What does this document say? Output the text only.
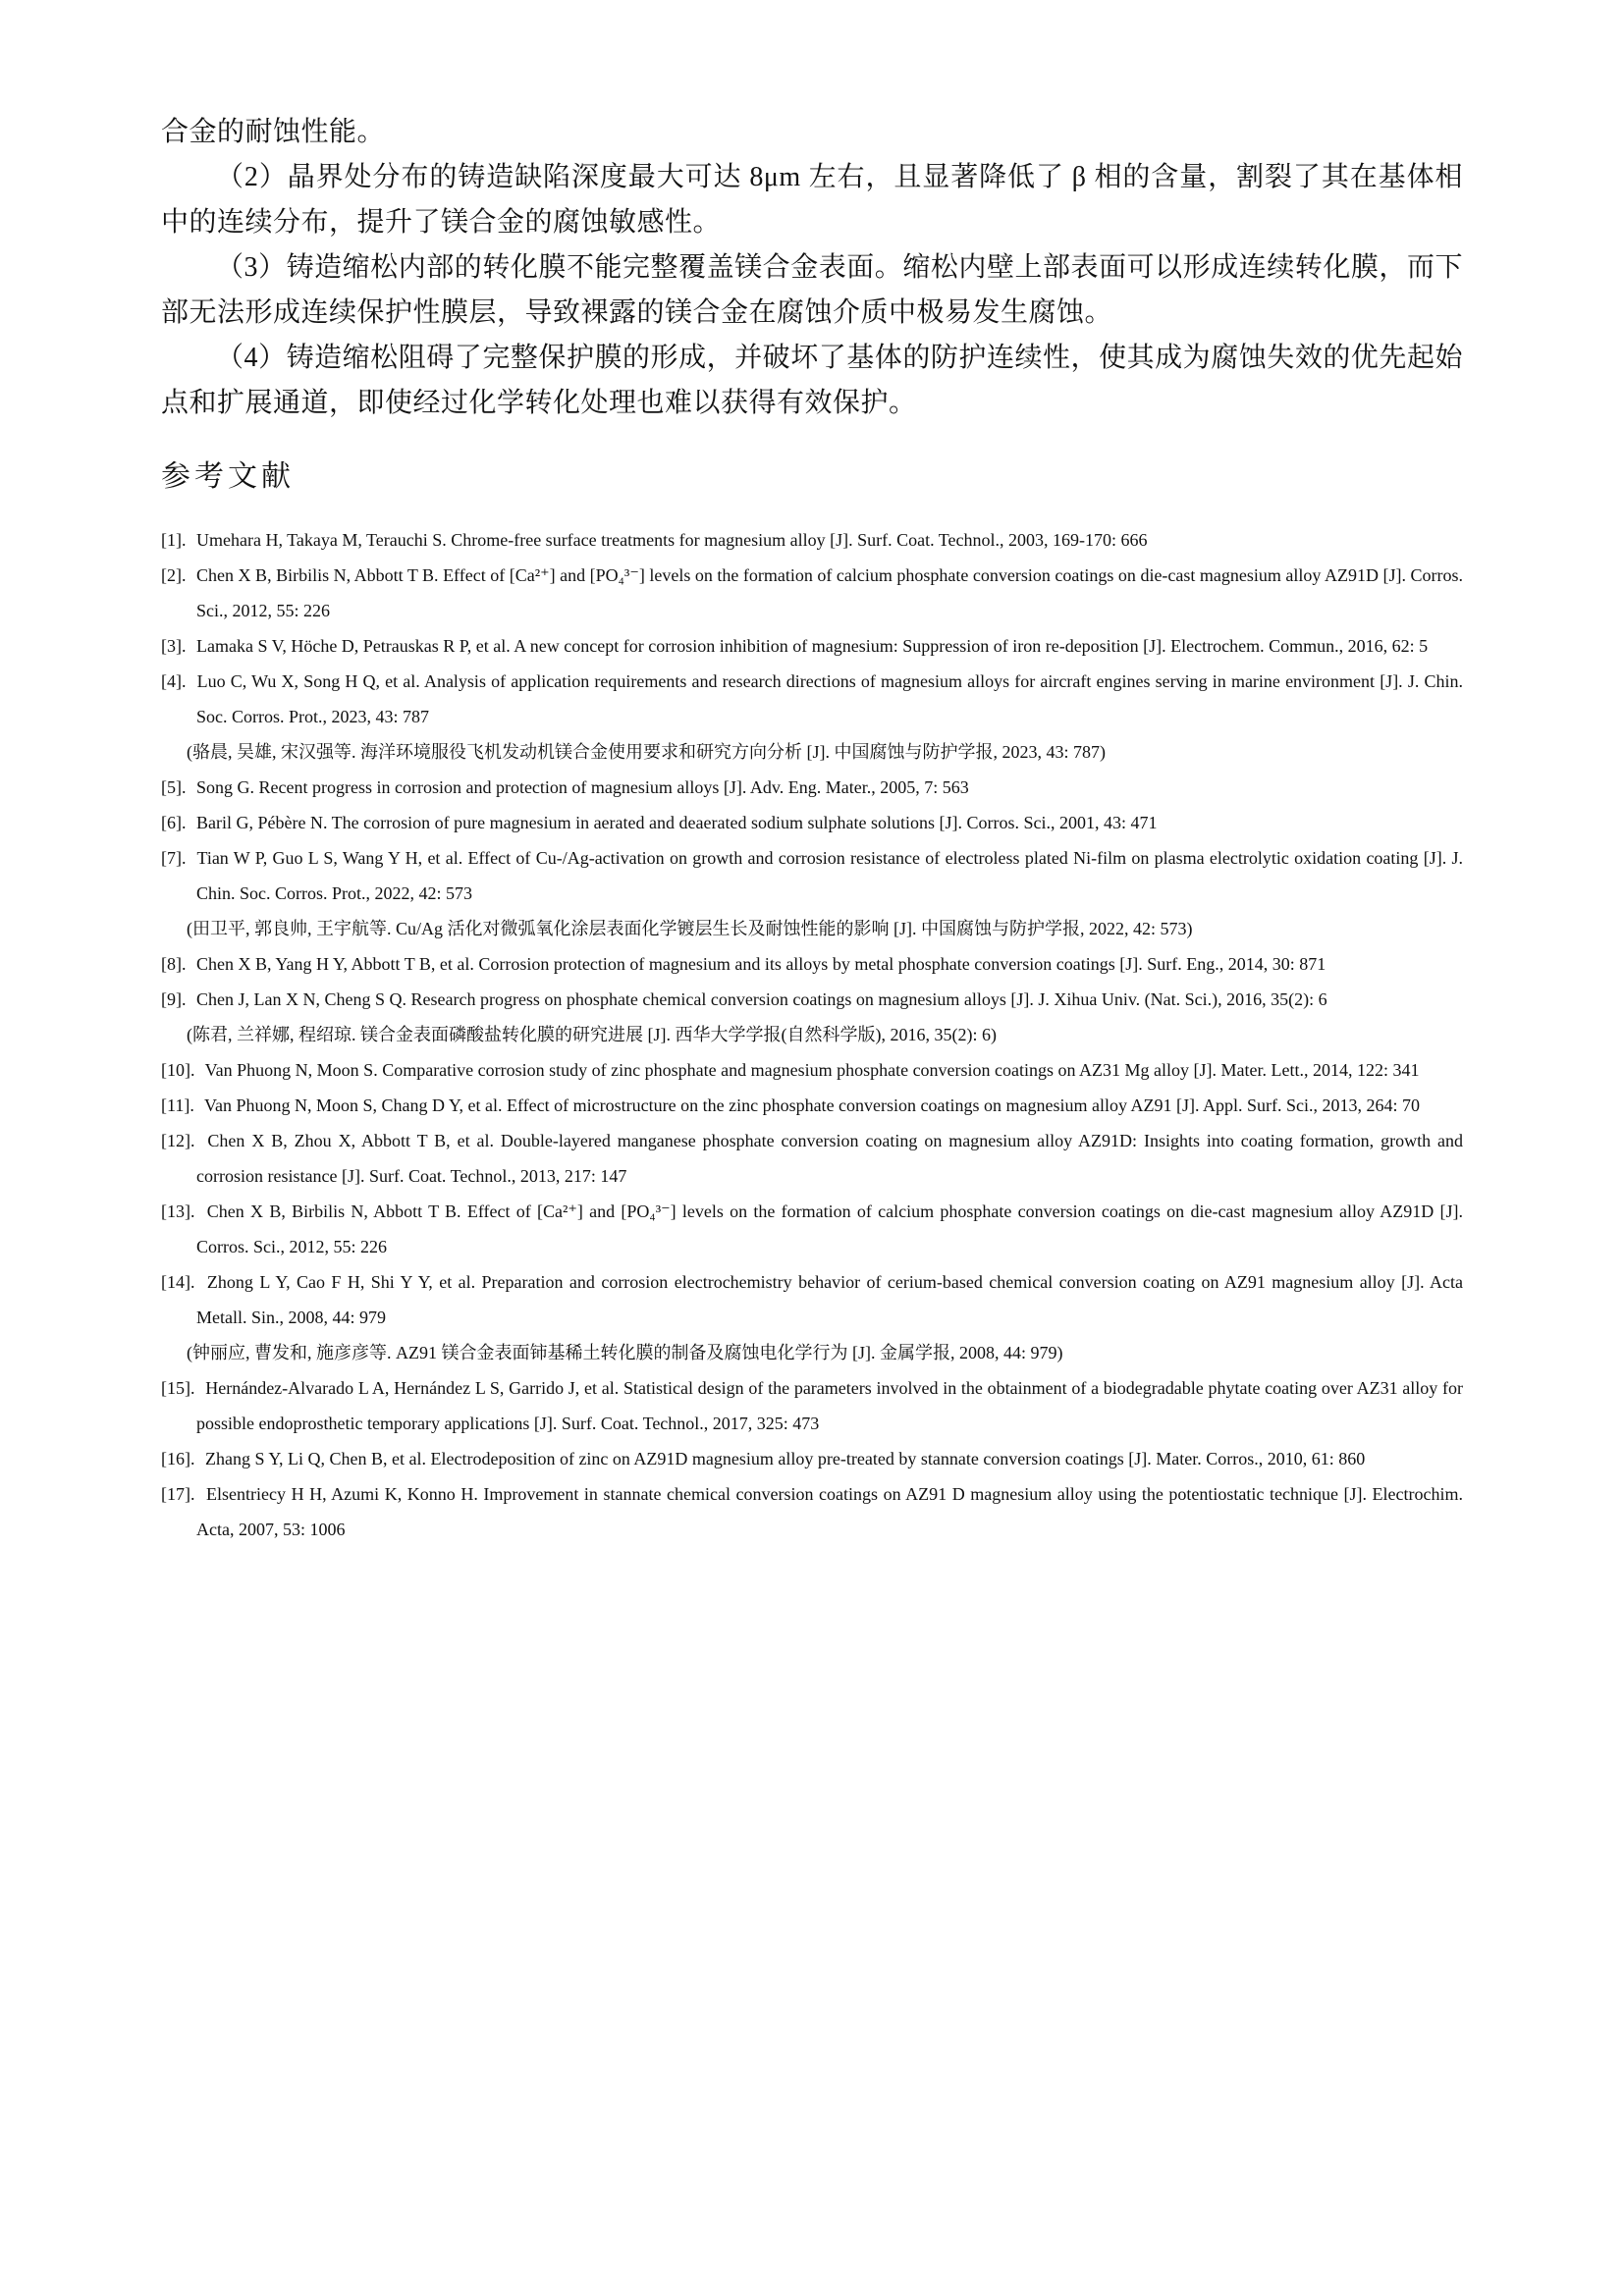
合金的耐蚀性能。

（2）晶界处分布的铸造缺陷深度最大可达 8μm 左右，且显著降低了 β 相的含量，割裂了其在基体相中的连续分布，提升了镁合金的腐蚀敏感性。

（3）铸造缩松内部的转化膜不能完整覆盖镁合金表面。缩松内壁上部表面可以形成连续转化膜，而下部无法形成连续保护性膜层，导致裸露的镁合金在腐蚀介质中极易发生腐蚀。

（4）铸造缩松阻碍了完整保护膜的形成，并破坏了基体的防护连续性，使其成为腐蚀失效的优先起始点和扩展通道，即使经过化学转化处理也难以获得有效保护。

参考文献

[1]. Umehara H, Takaya M, Terauchi S. Chrome-free surface treatments for magnesium alloy [J]. Surf. Coat. Technol., 2003, 169-170: 666

[2]. Chen X B, Birbilis N, Abbott T B. Effect of [Ca²⁺] and [PO₄³⁻] levels on the formation of calcium phosphate conversion coatings on die-cast magnesium alloy AZ91D [J]. Corros. Sci., 2012, 55: 226

[3]. Lamaka S V, Höche D, Petrauskas R P, et al. A new concept for corrosion inhibition of magnesium: Suppression of iron re-deposition [J]. Electrochem. Commun., 2016, 62: 5

[4]. Luo C, Wu X, Song H Q, et al. Analysis of application requirements and research directions of magnesium alloys for aircraft engines serving in marine environment [J]. J. Chin. Soc. Corros. Prot., 2023, 43: 787

(骆晨, 吴雄, 宋汉强等. 海洋环境服役飞机发动机镁合金使用要求和研究方向分析 [J]. 中国腐蚀与防护学报, 2023, 43: 787)

[5]. Song G. Recent progress in corrosion and protection of magnesium alloys [J]. Adv. Eng. Mater., 2005, 7: 563

[6]. Baril G, Pébère N. The corrosion of pure magnesium in aerated and deaerated sodium sulphate solutions [J]. Corros. Sci., 2001, 43: 471

[7]. Tian W P, Guo L S, Wang Y H, et al. Effect of Cu-/Ag-activation on growth and corrosion resistance of electroless plated Ni-film on plasma electrolytic oxidation coating [J]. J. Chin. Soc. Corros. Prot., 2022, 42: 573

(田卫平, 郭良帅, 王宇航等. Cu/Ag 活化对微弧氧化涂层表面化学镀层生长及耐蚀性能的影响 [J]. 中国腐蚀与防护学报, 2022, 42: 573)

[8]. Chen X B, Yang H Y, Abbott T B, et al. Corrosion protection of magnesium and its alloys by metal phosphate conversion coatings [J]. Surf. Eng., 2014, 30: 871

[9]. Chen J, Lan X N, Cheng S Q. Research progress on phosphate chemical conversion coatings on magnesium alloys [J]. J. Xihua Univ. (Nat. Sci.), 2016, 35(2): 6

(陈君, 兰祥娜, 程绍琼. 镁合金表面磷酸盐转化膜的研究进展 [J]. 西华大学学报(自然科学版), 2016, 35(2): 6)

[10]. Van Phuong N, Moon S. Comparative corrosion study of zinc phosphate and magnesium phosphate conversion coatings on AZ31 Mg alloy [J]. Mater. Lett., 2014, 122: 341

[11]. Van Phuong N, Moon S, Chang D Y, et al. Effect of microstructure on the zinc phosphate conversion coatings on magnesium alloy AZ91 [J]. Appl. Surf. Sci., 2013, 264: 70

[12]. Chen X B, Zhou X, Abbott T B, et al. Double-layered manganese phosphate conversion coating on magnesium alloy AZ91D: Insights into coating formation, growth and corrosion resistance [J]. Surf. Coat. Technol., 2013, 217: 147

[13]. Chen X B, Birbilis N, Abbott T B. Effect of [Ca²⁺] and [PO₄³⁻] levels on the formation of calcium phosphate conversion coatings on die-cast magnesium alloy AZ91D [J]. Corros. Sci., 2012, 55: 226

[14]. Zhong L Y, Cao F H, Shi Y Y, et al. Preparation and corrosion electrochemistry behavior of cerium-based chemical conversion coating on AZ91 magnesium alloy [J]. Acta Metall. Sin., 2008, 44: 979

(钟丽应, 曹发和, 施彦彦等. AZ91 镁合金表面铈基稀土转化膜的制备及腐蚀电化学行为 [J]. 金属学报, 2008, 44: 979)

[15]. Hernández-Alvarado L A, Hernández L S, Garrido J, et al. Statistical design of the parameters involved in the obtainment of a biodegradable phytate coating over AZ31 alloy for possible endoprosthetic temporary applications [J]. Surf. Coat. Technol., 2017, 325: 473

[16]. Zhang S Y, Li Q, Chen B, et al. Electrodeposition of zinc on AZ91D magnesium alloy pre-treated by stannate conversion coatings [J]. Mater. Corros., 2010, 61: 860

[17]. Elsentriecy H H, Azumi K, Konno H. Improvement in stannate chemical conversion coatings on AZ91 D magnesium alloy using the potentiostatic technique [J]. Electrochim. Acta, 2007, 53: 1006
